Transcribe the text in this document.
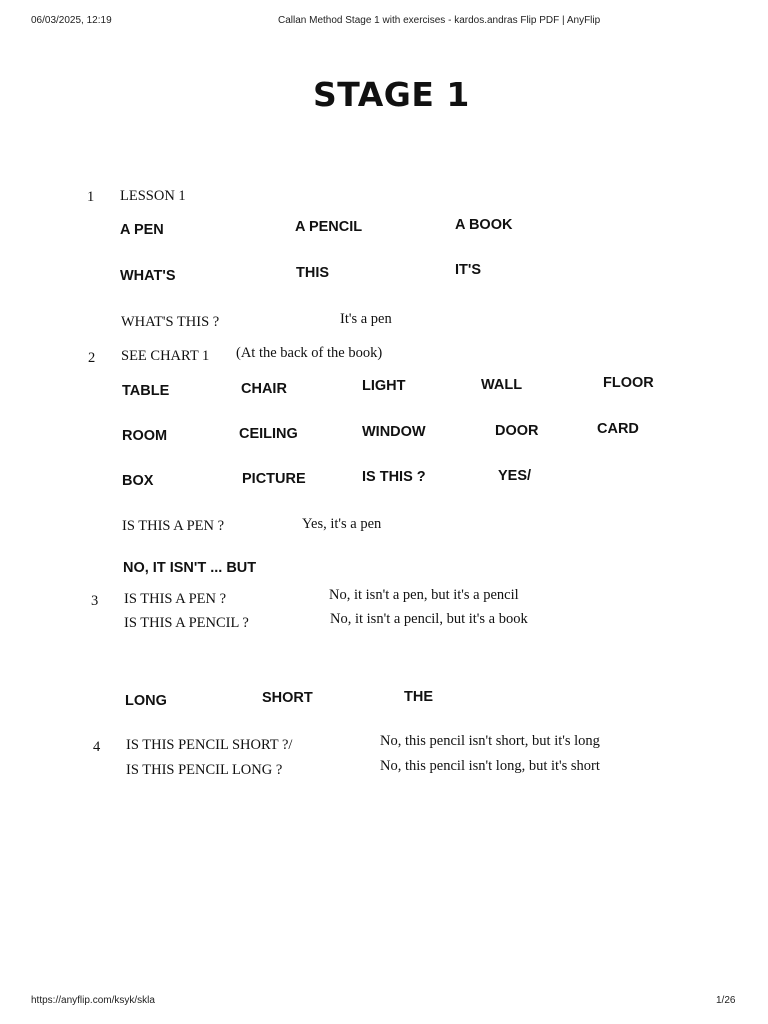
06/03/2025, 12:19	Callan Method Stage 1 with exercises - kardos.andras Flip PDF | AnyFlip
STAGE 1
1 LESSON 1
A PEN	A PENCIL	A BOOK
WHAT'S	THIS	IT'S
WHAT'S THIS ?	It's a pen
2 SEE CHART 1 (At the back of the book)
TABLE	CHAIR	LIGHT	WALL	FLOOR
ROOM	CEILING	WINDOW	DOOR	CARD
BOX	PICTURE	IS THIS ?	YES/
IS THIS A PEN ?	Yes, it's a pen
NO, IT ISN'T ... BUT
3 IS THIS A PEN ?	No, it isn't a pen, but it's a pencil
IS THIS A PENCIL ?	No, it isn't a pencil, but it's a book
LONG	SHORT	THE
4 IS THIS PENCIL SHORT ?/	No, this pencil isn't short, but it's long
IS THIS PENCIL LONG ?	No, this pencil isn't long, but it's short
https://anyflip.com/ksyk/skla	1/26
